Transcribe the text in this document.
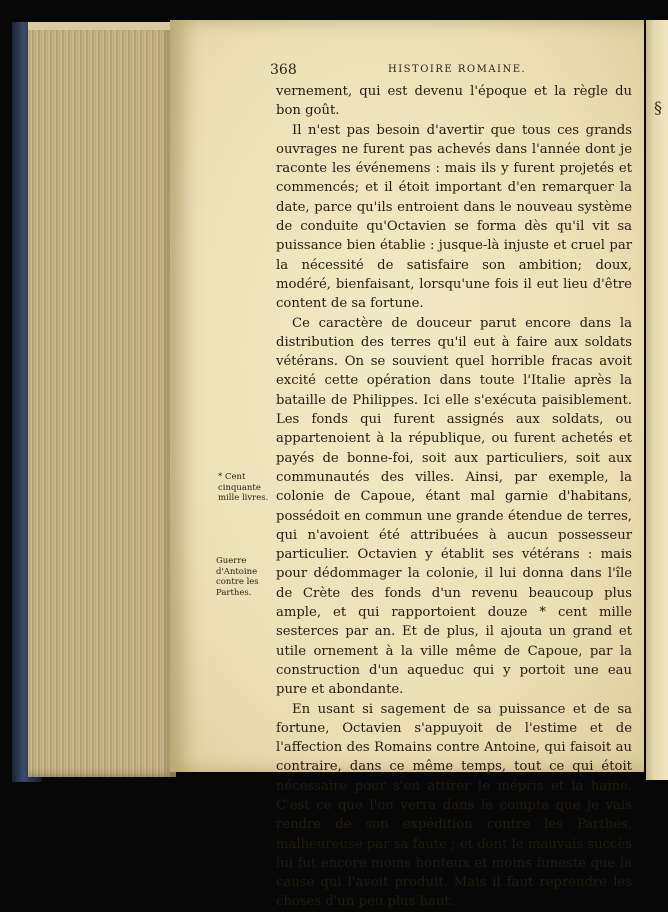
§
368	HISTOIRE ROMAINE.

vernement, qui est devenu l'époque et la règle du bon goût.

Il n'est pas besoin d'avertir que tous ces grands ouvrages ne furent pas achevés dans l'année dont je raconte les événemens : mais ils y furent projetés et commencés; et il étoit important d'en remarquer la date, parce qu'ils entroient dans le nouveau système de conduite qu'Octavien se forma dès qu'il vit sa puissance bien établie : jusque-là injuste et cruel par la nécessité de satisfaire son ambition; doux, modéré, bienfaisant, lorsqu'une fois il eut lieu d'être content de sa fortune.

Ce caractère de douceur parut encore dans la distribution des terres qu'il eut à faire aux soldats vétérans. On se souvient quel horrible fracas avoit excité cette opération dans toute l'Italie après la bataille de Philippes. Ici elle s'exécuta paisiblement. Les fonds qui furent assignés aux soldats, ou appartenoient à la république, ou furent achetés et payés de bonne-foi, soit aux particuliers, soit aux communautés des villes. Ainsi, par exemple, la colonie de Capoue, étant mal garnie d'habitans, possédoit en commun une grande étendue de terres, qui n'avoient été attribuées à aucun possesseur particulier. Octavien y établit ses vétérans : mais pour dédommager la colonie, il lui donna dans l'île de Crète des fonds d'un revenu beaucoup plus ample, et qui rapportoient douze * cent mille sesterces par an. Et de plus, il ajouta un grand et utile ornement à la ville même de Capoue, par la construction d'un aqueduc qui y portoit une eau pure et abondante.

En usant si sagement de sa puissance et de sa fortune, Octavien s'appuyoit de l'estime et de l'affection des Romains contre Antoine, qui faisoit au contraire, dans ce même temps, tout ce qui étoit nécessaire pour s'en attirer le mépris et la haine. C'est ce que l'on verra dans le compte que je vais rendre de son expédition contre les Parthes, malheureuse par sa faute ; et dont le mauvais succès lui fut encore moins honteux et moins funeste que la cause qui l'avoit produit. Mais il faut reprendre les choses d'un peu plus haut.

* Cent cinquante mille livres.
Guerre d'Antoine contre les Parthes.
